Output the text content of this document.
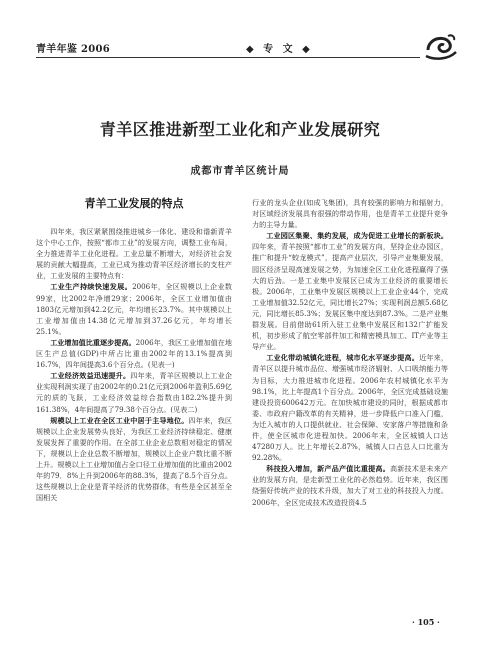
青羊年鉴 2006	◆ 专 文 ◆
青羊区推进新型工业化和产业发展研究
成都市青羊区统计局
青羊工业发展的特点

四年来，我区紧紧围绕推进城乡一体化、建设和谐新青羊这个中心工作，按照“都市工业”的发展方向，调整工业布局，全力推进青羊工业化进程。工业总量不断增大，对经济社会发展的贡献大幅提高，工业已成为推动青羊区经济增长的支柱产业，工业发展的主要特点有：

工业生产持续快速发展。2006年，全区规模以上企业数99家，比2002年净增29家；2006年，全区工业增加值由1803亿元增加到42.2亿元，年均增长23.7%。其中规模以上工业增加值由14.38亿元增加到37.26亿元，年均增长25.1%。

工业增加值比重逐步提高。2006年，我区工业增加值在地区生产总值(GDP)中所占比重由2002年的13.1%提高到16.7%，四年间提高3.6个百分点。(见表一)

工业经济效益迅速提升。四年来，青羊区规模以上工业企业实现利润实现了由2002年的0.21亿元到2006年盈利5.69亿元的质的飞跃，工业经济效益综合指数由182.2%提升到161.38%，4年间提高了79.38个百分点。(见表二)

规模以上工业在全区工业中居于主导地位。四年来，我区规模以上企业发展势头良好，为我区工业经济持续稳定、健康发展发挥了重要的作用。在全部工业企业总数相对稳定的情况下，规模以上企业总数不断增加，规模以上企业户数比重不断上升。规模以上工业增加值占全口径工业增加值的比重由2002年的79．8%上升到2006年的88.3%，提高了8.5个百分点。这些规模以上企业是青羊经济的优势群体，有些是全区甚至全国相关

行业的龙头企业(如成飞集团)，具有较强的影响力和辐射力，对区域经济发展具有很强的带动作用，也是青羊工业提升竞争力的主导力量。

工业园区集聚、集约发展，成为促进工业增长的新板块。四年来，青羊按照“都市工业”的发展方向，坚持企业办园区，推广和提升“蛟龙模式”，提高产业层次，引导产业集聚发展，园区经济呈现高速发展之势，为加速全区工业化进程赢得了强大的后劲。一是工业集中发展区已成为工业经济的重要增长极。2006年，工业集中发展区规模以上工业企业44个，完成工业增加值32.52亿元，同比增长27%；实现利润总额5.68亿元，同比增长85.3%；发展区集中度达到87.3%。二是产业集群发展。目前借助61所入驻工业集中发展区和132广扩能发机，初步形成了航空零部件加工和精密模具加工、IT产业等主导产业。

工业化带动城镇化进程，城市化水平逐步提高。近年来，青羊区以提升城市品位、增强城市经济辐射、人口吸纳能力等为目标，大力推进城市化进程。2006年农村城镇化水平为98.1%，比上年提高1个百分点。2006年，全区完成基础设施建设投资600642万元。在加快城市建设的同时，根据成都市委、市政府户籍改革的有关精神，进一步降低户口准入门槛，为迁入城市的人口提供就业、社会保障、安家落户等措施和条件，使全区城市化进程加快。2006年末，全区城镇人口达47280万人。比上年增长2.87%，城镇人口占总人口比重为92.28%。

科技投入增加，新产品产值比重提高。高新技术是未来产业的发展方向，是走新型工业化的必然趋势。近年来，我区围绕强好传统产业的技术升级，加大了对工业的科技投入力度。2006年，全区完成技术改造投资4.5

· 105 ·
